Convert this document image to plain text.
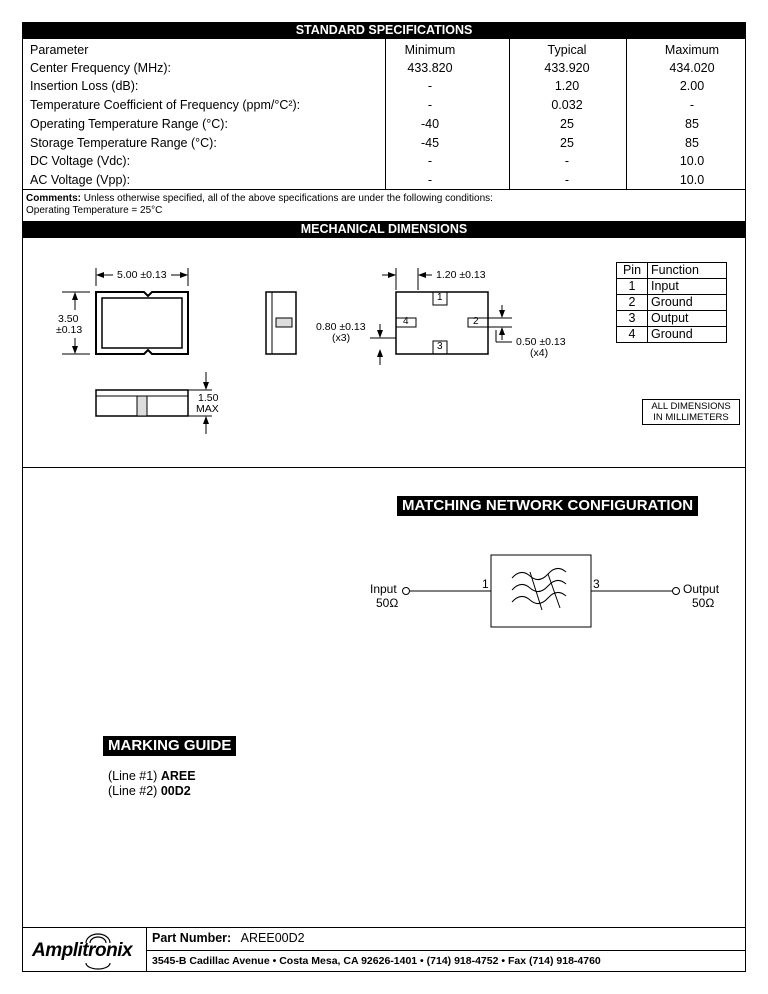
STANDARD SPECIFICATIONS
Parameter	Minimum	Typical	Maximum
Center Frequency (MHz):	433.820	433.920	434.020
Insertion Loss (dB):	-	1.20	2.00
Temperature Coefficient of Frequency (ppm/°C²):	-	0.032	-
Operating Temperature Range (°C):	-40	25	85
Storage Temperature Range (°C):	-45	25	85
DC Voltage (Vdc):	-	-	10.0
AC Voltage (Vpp):	-	-	10.0
Comments: Unless otherwise specified, all of the above specifications are under the following conditions:
Operating Temperature = 25°C
MECHANICAL DIMENSIONS
5.00 ±0.13
3.50
±0.13
1.50
MAX
1.20 ±0.13
0.80 ±0.13
(x3)	0.50 ±0.13
(x4)
1
2
3
4
Pin	Function
1	Input
2	Ground
3	Output
4	Ground
ALL DIMENSIONS
IN MILLIMETERS
MATCHING NETWORK CONFIGURATION
Input
50Ω
Output
50Ω
1	3
MARKING GUIDE
(Line #1) AREE
(Line #2) 00D2
Amplitronix
Part Number: AREE00D2
3545-B Cadillac Avenue • Costa Mesa, CA 92626-1401 • (714) 918-4752 • Fax (714) 918-4760
